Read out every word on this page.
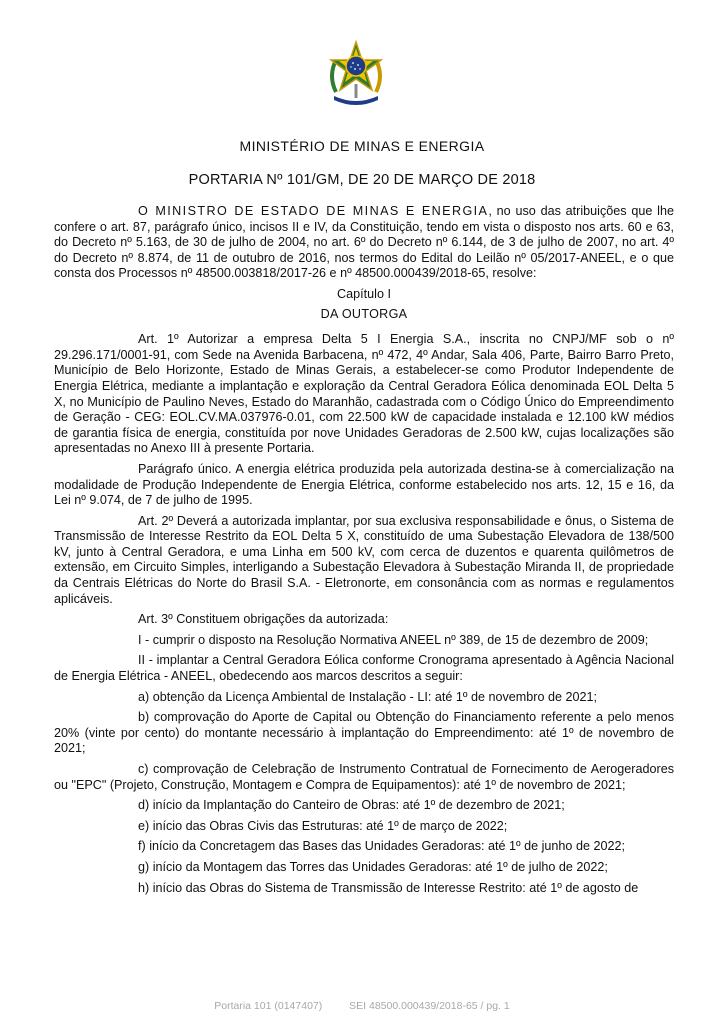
MINISTÉRIO DE MINAS E ENERGIA
PORTARIA Nº 101/GM, DE 20 DE MARÇO DE 2018

O MINISTRO DE ESTADO DE MINAS E ENERGIA, no uso das atribuições que lhe confere o art. 87, parágrafo único, incisos II e IV, da Constituição, tendo em vista o disposto nos arts. 60 e 63, do Decreto nº 5.163, de 30 de julho de 2004, no art. 6º do Decreto nº 6.144, de 3 de julho de 2007, no art. 4º do Decreto nº 8.874, de 11 de outubro de 2016, nos termos do Edital do Leilão nº 05/2017-ANEEL, e o que consta dos Processos nº 48500.003818/2017-26 e nº 48500.000439/2018-65, resolve:

Capítulo I

DA OUTORGA

Art. 1º Autorizar a empresa Delta 5 I Energia S.A., inscrita no CNPJ/MF sob o nº 29.296.171/0001-91, com Sede na Avenida Barbacena, nº 472, 4º Andar, Sala 406, Parte, Bairro Barro Preto, Município de Belo Horizonte, Estado de Minas Gerais, a estabelecer-se como Produtor Independente de Energia Elétrica, mediante a implantação e exploração da Central Geradora Eólica denominada EOL Delta 5 X, no Município de Paulino Neves, Estado do Maranhão, cadastrada com o Código Único do Empreendimento de Geração - CEG: EOL.CV.MA.037976-0.01, com 22.500 kW de capacidade instalada e 12.100 kW médios de garantia física de energia, constituída por nove Unidades Geradoras de 2.500 kW, cujas localizações são apresentadas no Anexo III à presente Portaria.

Parágrafo único. A energia elétrica produzida pela autorizada destina-se à comercialização na modalidade de Produção Independente de Energia Elétrica, conforme estabelecido nos arts. 12, 15 e 16, da Lei nº 9.074, de 7 de julho de 1995.

Art. 2º Deverá a autorizada implantar, por sua exclusiva responsabilidade e ônus, o Sistema de Transmissão de Interesse Restrito da EOL Delta 5 X, constituído de uma Subestação Elevadora de 138/500 kV, junto à Central Geradora, e uma Linha em 500 kV, com cerca de duzentos e quarenta quilômetros de extensão, em Circuito Simples, interligando a Subestação Elevadora à Subestação Miranda II, de propriedade da Centrais Elétricas do Norte do Brasil S.A. - Eletronorte, em consonância com as normas e regulamentos aplicáveis.

Art. 3º Constituem obrigações da autorizada:

I - cumprir o disposto na Resolução Normativa ANEEL nº 389, de 15 de dezembro de 2009;

II - implantar a Central Geradora Eólica conforme Cronograma apresentado à Agência Nacional de Energia Elétrica - ANEEL, obedecendo aos marcos descritos a seguir:

a) obtenção da Licença Ambiental de Instalação - LI: até 1º de novembro de 2021;

b) comprovação do Aporte de Capital ou Obtenção do Financiamento referente a pelo menos 20% (vinte por cento) do montante necessário à implantação do Empreendimento: até 1º de novembro de 2021;

c) comprovação de Celebração de Instrumento Contratual de Fornecimento de Aerogeradores ou "EPC" (Projeto, Construção, Montagem e Compra de Equipamentos): até 1º de novembro de 2021;

d) início da Implantação do Canteiro de Obras: até 1º de dezembro de 2021;

e) início das Obras Civis das Estruturas: até 1º de março de 2022;

f) início da Concretagem das Bases das Unidades Geradoras: até 1º de junho de 2022;

g) início da Montagem das Torres das Unidades Geradoras: até 1º de julho de 2022;

h) início das Obras do Sistema de Transmissão de Interesse Restrito: até 1º de agosto de

Portaria 101 (0147407)	SEI 48500.000439/2018-65 / pg. 1
